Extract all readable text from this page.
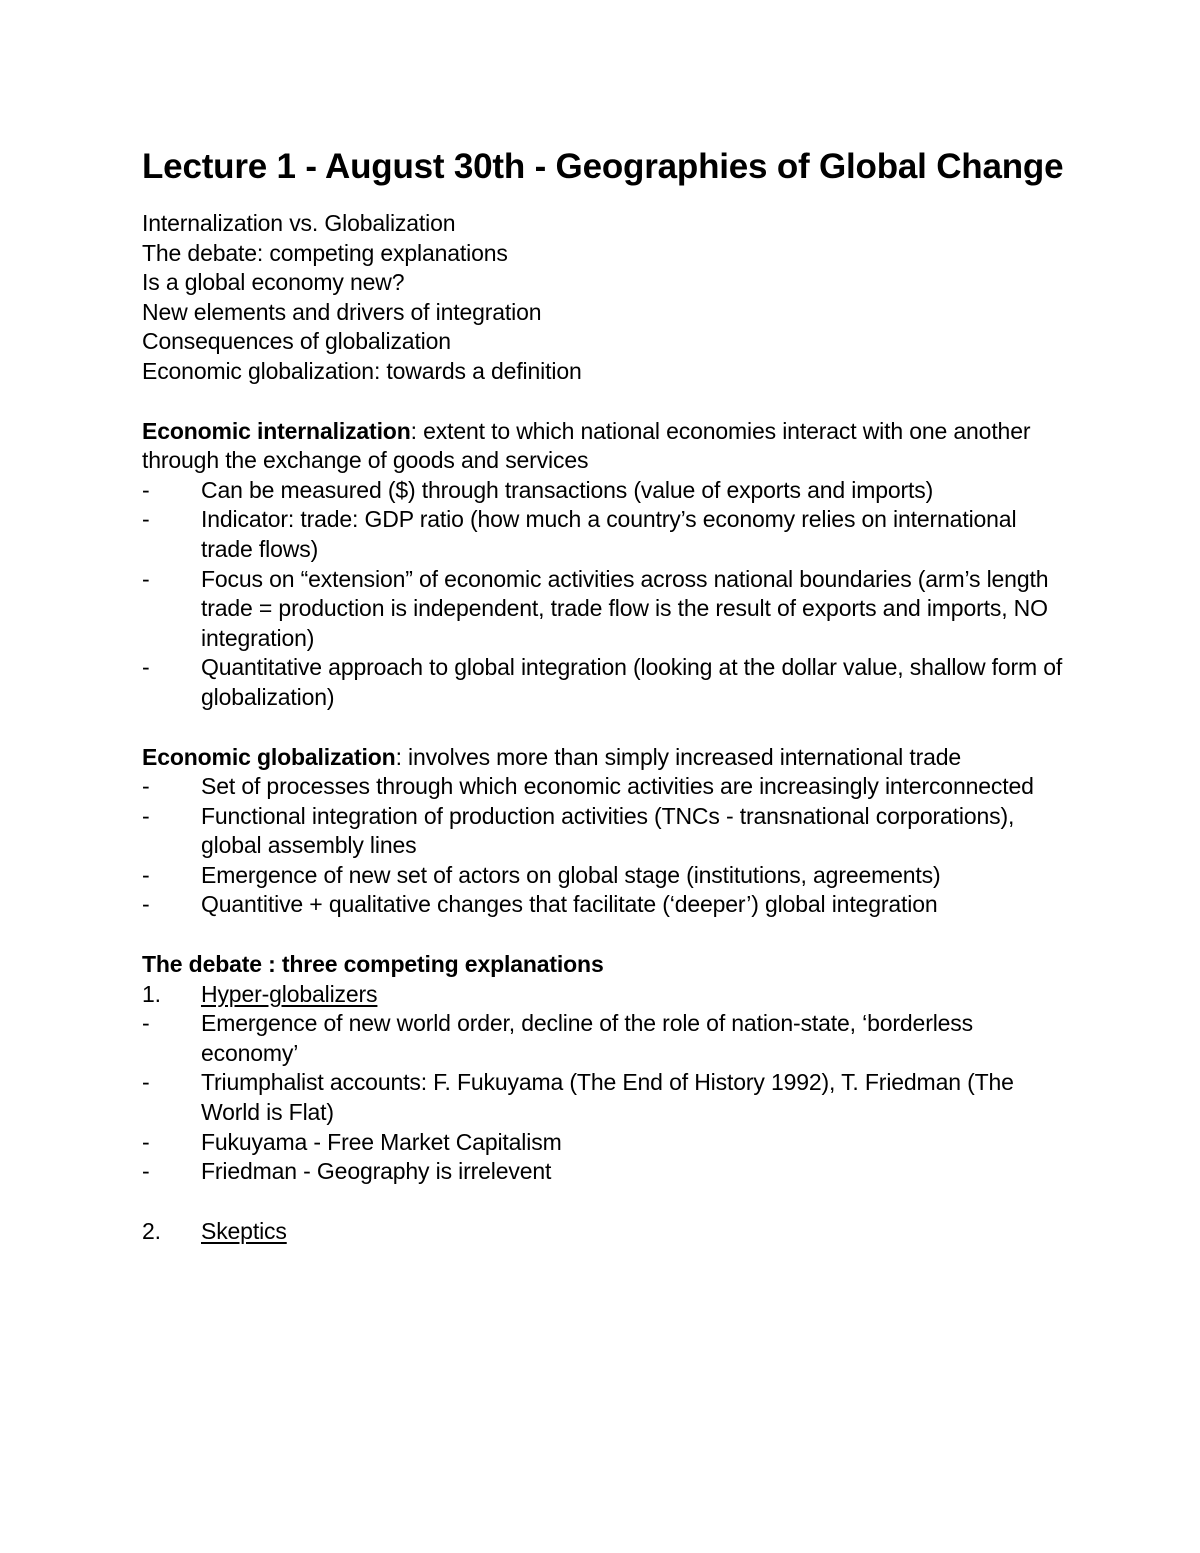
Lecture 1 - August 30th - Geographies of Global Change

Internalization vs. Globalization

The debate: competing explanations

Is a global economy new?

New elements and drivers of integration

Consequences of globalization

Economic globalization: towards a definition

Economic internalization: extent to which national economies interact with one another through the exchange of goods and services

-	Can be measured ($) through transactions (value of exports and imports)
-	Indicator: trade: GDP ratio (how much a country’s economy relies on international trade flows)
-	Focus on “extension” of economic activities across national boundaries (arm’s length trade = production is independent, trade flow is the result of exports and imports, NO integration)
-	Quantitative approach to global integration (looking at the dollar value, shallow form of globalization)

Economic globalization: involves more than simply increased international trade

-	Set of processes through which economic activities are increasingly interconnected
-	Functional integration of production activities (TNCs - transnational corporations), global assembly lines
-	Emergence of new set of actors on global stage (institutions, agreements)
-	Quantitive + qualitative changes that facilitate (‘deeper’) global integration

The debate : three competing explanations

1.	Hyper-globalizers
-	Emergence of new world order, decline of the role of nation-state, ‘borderless economy’
-	Triumphalist accounts: F. Fukuyama (The End of History 1992), T. Friedman (The World is Flat)
-	Fukuyama - Free Market Capitalism
-	Friedman - Geography is irrelevent
2.	Skeptics
